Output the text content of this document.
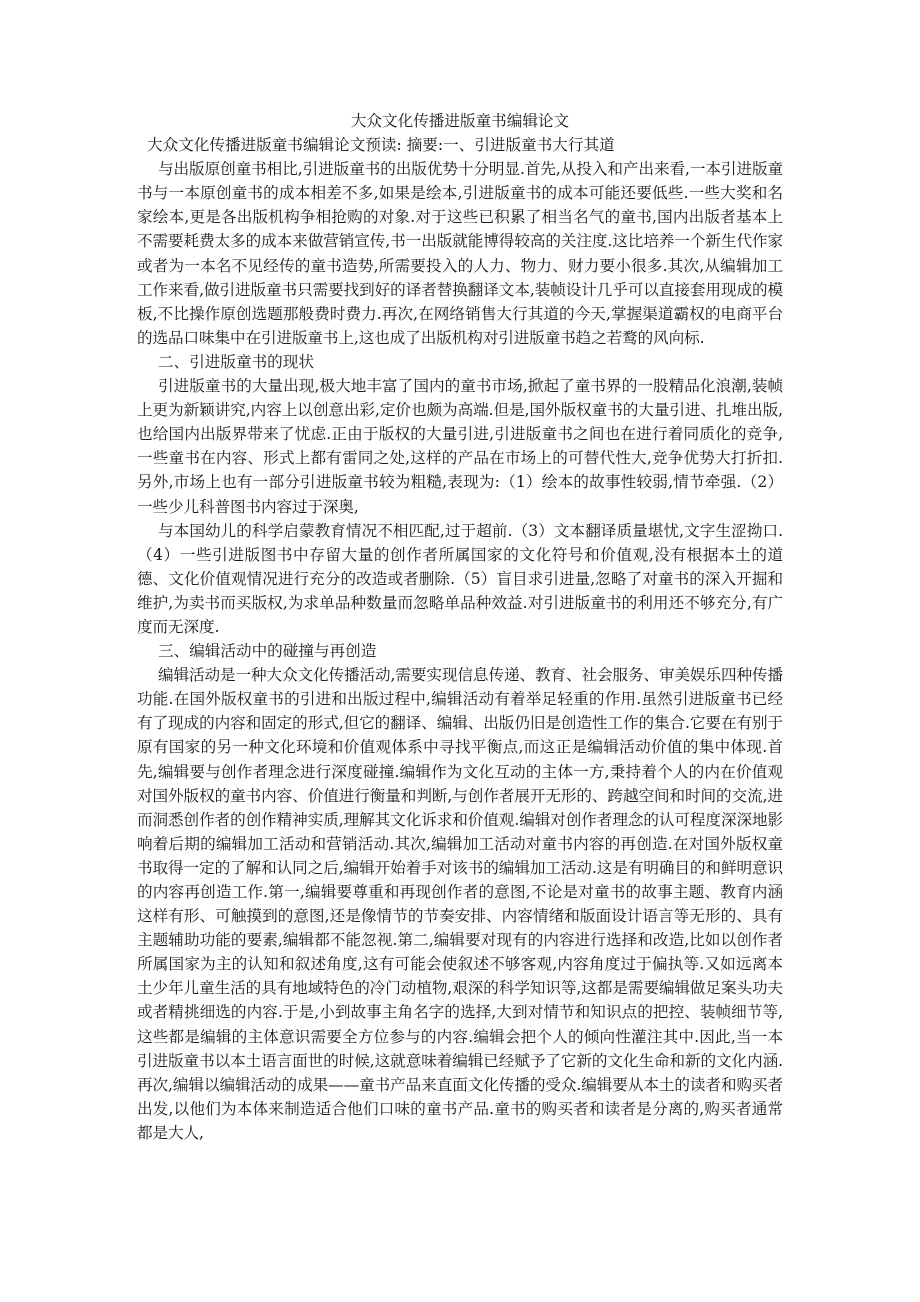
大众文化传播进版童书编辑论文

大众文化传播进版童书编辑论文预读: 摘要:一、引进版童书大行其道

与出版原创童书相比,引进版童书的出版优势十分明显.首先,从投入和产出来看,一本引进版童书与一本原创童书的成本相差不多,如果是绘本,引进版童书的成本可能还要低些.一些大奖和名家绘本,更是各出版机构争相抢购的对象.对于这些已积累了相当名气的童书,国内出版者基本上不需要耗费太多的成本来做营销宣传,书一出版就能博得较高的关注度.这比培养一个新生代作家或者为一本名不见经传的童书造势,所需要投入的人力、物力、财力要小很多.其次,从编辑加工工作来看,做引进版童书只需要找到好的译者替换翻译文本,装帧设计几乎可以直接套用现成的模板,不比操作原创选题那般费时费力.再次,在网络销售大行其道的今天,掌握渠道霸权的电商平台的选品口味集中在引进版童书上,这也成了出版机构对引进版童书趋之若鹜的风向标.

二、引进版童书的现状

引进版童书的大量出现,极大地丰富了国内的童书市场,掀起了童书界的一股精品化浪潮,装帧上更为新颖讲究,内容上以创意出彩,定价也颇为高端.但是,国外版权童书的大量引进、扎堆出版,也给国内出版界带来了忧虑.正由于版权的大量引进,引进版童书之间也在进行着同质化的竞争,一些童书在内容、形式上都有雷同之处,这样的产品在市场上的可替代性大,竞争优势大打折扣.另外,市场上也有一部分引进版童书较为粗糙,表现为:（1）绘本的故事性较弱,情节牵强.（2）一些少儿科普图书内容过于深奥,

与本国幼儿的科学启蒙教育情况不相匹配,过于超前.（3）文本翻译质量堪忧,文字生涩拗口.（4）一些引进版图书中存留大量的创作者所属国家的文化符号和价值观,没有根据本土的道德、文化价值观情况进行充分的改造或者删除.（5）盲目求引进量,忽略了对童书的深入开掘和维护,为卖书而买版权,为求单品种数量而忽略单品种效益.对引进版童书的利用还不够充分,有广度而无深度.

三、编辑活动中的碰撞与再创造

编辑活动是一种大众文化传播活动,需要实现信息传递、教育、社会服务、审美娱乐四种传播功能.在国外版权童书的引进和出版过程中,编辑活动有着举足轻重的作用.虽然引进版童书已经有了现成的内容和固定的形式,但它的翻译、编辑、出版仍旧是创造性工作的集合.它要在有别于原有国家的另一种文化环境和价值观体系中寻找平衡点,而这正是编辑活动价值的集中体现.首先,编辑要与创作者理念进行深度碰撞.编辑作为文化互动的主体一方,秉持着个人的内在价值观对国外版权的童书内容、价值进行衡量和判断,与创作者展开无形的、跨越空间和时间的交流,进而洞悉创作者的创作精神实质,理解其文化诉求和价值观.编辑对创作者理念的认可程度深深地影响着后期的编辑加工活动和营销活动.其次,编辑加工活动对童书内容的再创造.在对国外版权童书取得一定的了解和认同之后,编辑开始着手对该书的编辑加工活动.这是有明确目的和鲜明意识的内容再创造工作.第一,编辑要尊重和再现创作者的意图,不论是对童书的故事主题、教育内涵这样有形、可触摸到的意图,还是像情节的节奏安排、内容情绪和版面设计语言等无形的、具有主题辅助功能的要素,编辑都不能忽视.第二,编辑要对现有的内容进行选择和改造,比如以创作者所属国家为主的认知和叙述角度,这有可能会使叙述不够客观,内容角度过于偏执等.又如远离本土少年儿童生活的具有地域特色的冷门动植物,艰深的科学知识等,这都是需要编辑做足案头功夫或者精挑细选的内容.于是,小到故事主角名字的选择,大到对情节和知识点的把控、装帧细节等,这些都是编辑的主体意识需要全方位参与的内容.编辑会把个人的倾向性灌注其中.因此,当一本引进版童书以本土语言面世的时候,这就意味着编辑已经赋予了它新的文化生命和新的文化内涵.再次,编辑以编辑活动的成果——童书产品来直面文化传播的受众.编辑要从本土的读者和购买者出发,以他们为本体来制造适合他们口味的童书产品.童书的购买者和读者是分离的,购买者通常都是大人,
